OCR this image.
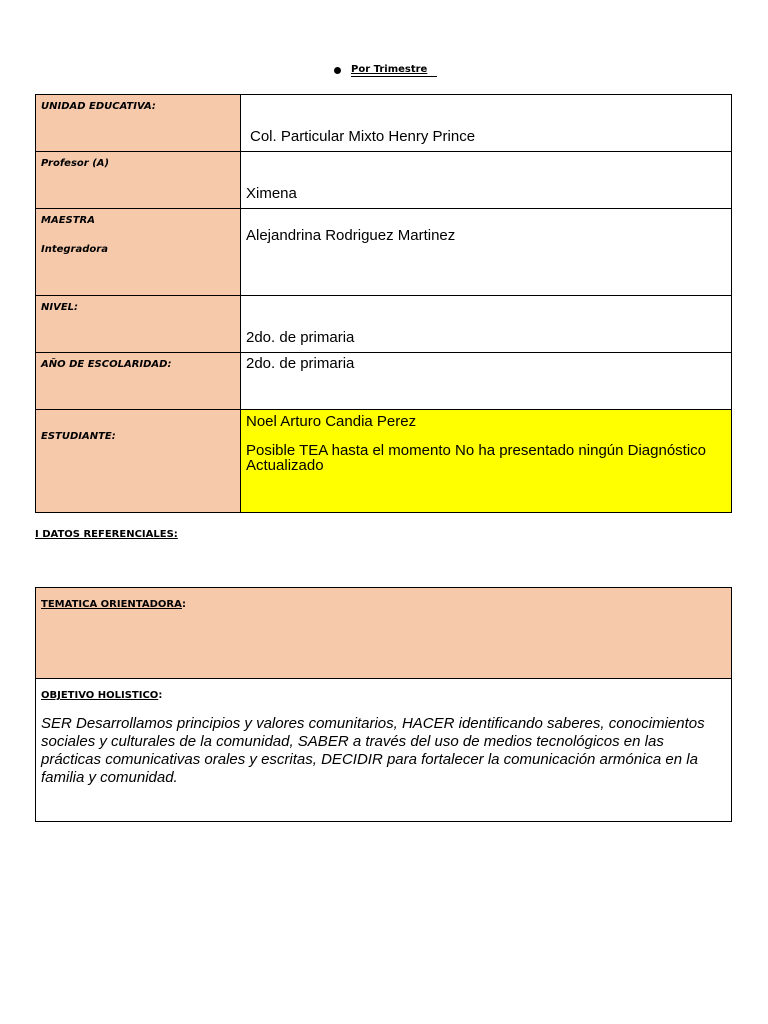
Por Trimestre
UNIDAD EDUCATIVA:	Col. Particular Mixto Henry Prince

Profesor (A)	Ximena

MAESTRA
Integradora	Alejandrina Rodriguez Martinez

NIVEL:	2do. de primaria

AÑO DE ESCOLARIDAD:	2do. de primaria

ESTUDIANTE:	Noel Arturo Candia Perez
Posible TEA hasta el momento No ha presentado ningún Diagnóstico Actualizado
I DATOS REFERENCIALES:
TEMATICA ORIENTADORA:
OBJETIVO HOLISTICO:
SER Desarrollamos principios y valores comunitarios, HACER identificando saberes, conocimientos sociales y culturales de la comunidad, SABER a través del uso de medios tecnológicos en las prácticas comunicativas orales y escritas, DECIDIR para fortalecer la comunicación armónica en la familia y comunidad.
